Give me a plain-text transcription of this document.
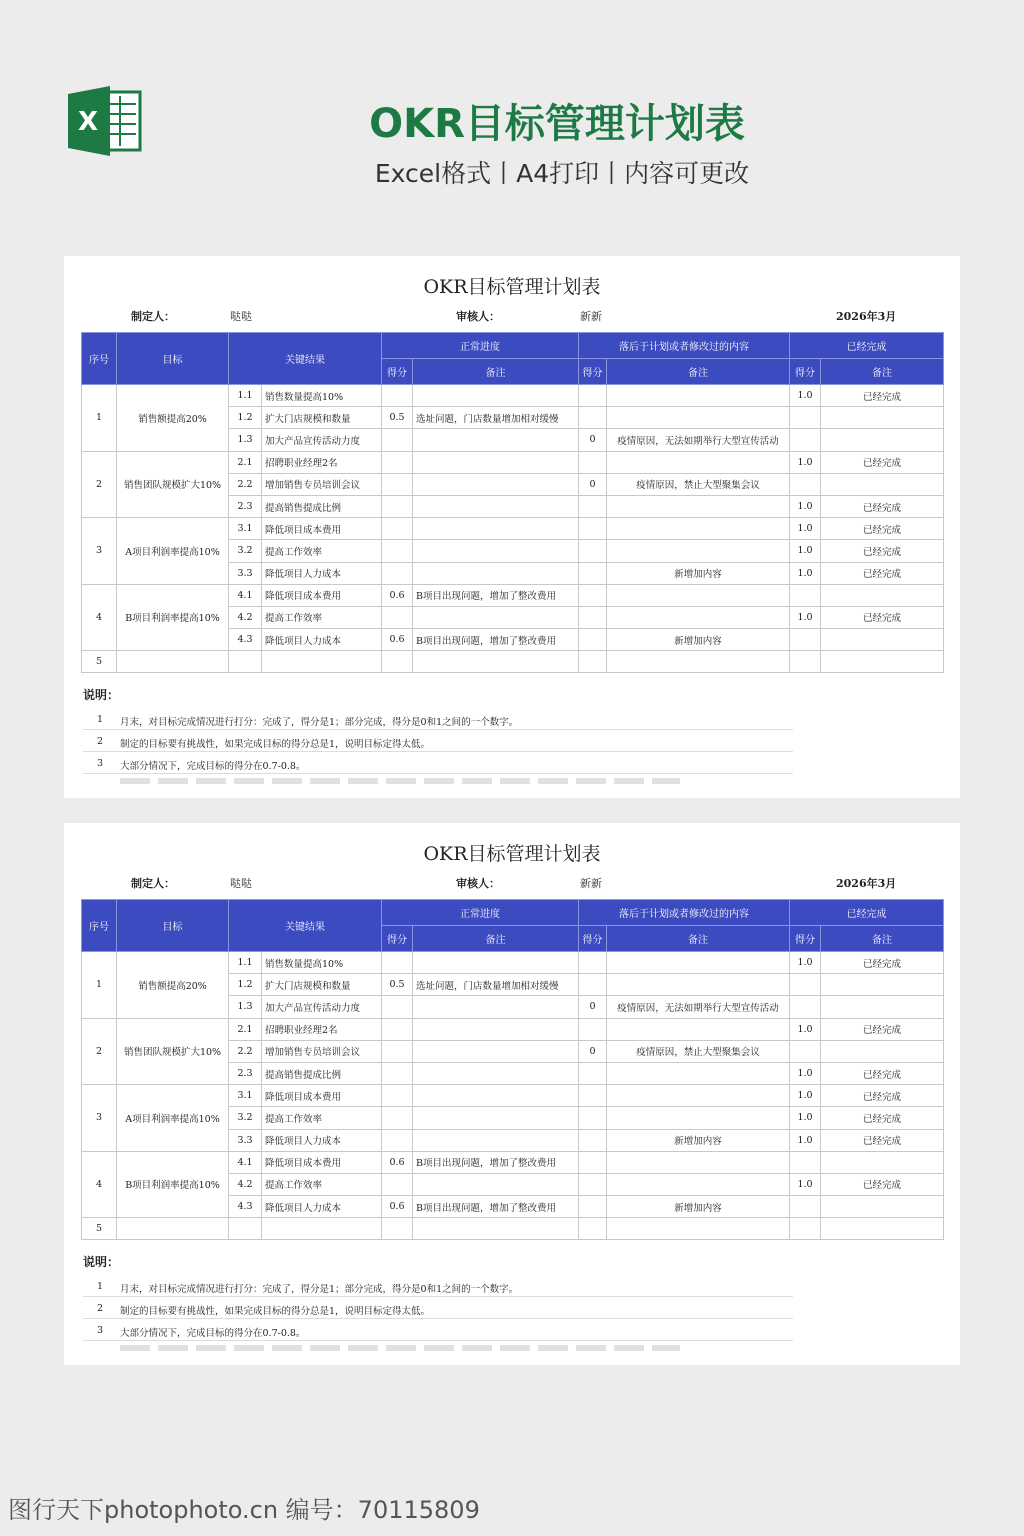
X	OKR目标管理计划表
Excel格式丨A4打印丨内容可更改
OKR目标管理计划表
制定人：	哒哒	审核人：	新新	2026年3月
序号	目标	关键结果		正常进度		落后于计划或者修改过的内容		已经完成	
				得分	备注	得分	备注	得分	备注
1	销售额提高20%	1.1	销售数量提高10%					1.0	已经完成
		1.2	扩大门店规模和数量	0.5	选址问题，门店数量增加相对缓慢				
		1.3	加大产品宣传活动力度			0	疫情原因，无法如期举行大型宣传活动		
2	销售团队规模扩大10%	2.1	招聘职业经理2名					1.0	已经完成
		2.2	增加销售专员培训会议			0	疫情原因，禁止大型聚集会议		
		2.3	提高销售提成比例					1.0	已经完成
3	A项目利润率提高10%	3.1	降低项目成本费用					1.0	已经完成
		3.2	提高工作效率					1.0	已经完成
		3.3	降低项目人力成本				新增加内容	1.0	已经完成
4	B项目利润率提高10%	4.1	降低项目成本费用	0.6	B项目出现问题，增加了整改费用				
		4.2	提高工作效率					1.0	已经完成
		4.3	降低项目人力成本	0.6	B项目出现问题，增加了整改费用		新增加内容		
5									
说明：
1 月末，对目标完成情况进行打分：完成了，得分是1；部分完成，得分是0和1之间的一个数字。
2 制定的目标要有挑战性，如果完成目标的得分总是1，说明目标定得太低。
3 大部分情况下，完成目标的得分在0.7-0.8。
OKR目标管理计划表
制定人：	哒哒	审核人：	新新	2026年3月
序号	目标	关键结果		正常进度		落后于计划或者修改过的内容		已经完成	
				得分	备注	得分	备注	得分	备注
1	销售额提高20%	1.1	销售数量提高10%					1.0	已经完成
		1.2	扩大门店规模和数量	0.5	选址问题，门店数量增加相对缓慢				
		1.3	加大产品宣传活动力度			0	疫情原因，无法如期举行大型宣传活动		
2	销售团队规模扩大10%	2.1	招聘职业经理2名					1.0	已经完成
		2.2	增加销售专员培训会议			0	疫情原因，禁止大型聚集会议		
		2.3	提高销售提成比例					1.0	已经完成
3	A项目利润率提高10%	3.1	降低项目成本费用					1.0	已经完成
		3.2	提高工作效率					1.0	已经完成
		3.3	降低项目人力成本				新增加内容	1.0	已经完成
4	B项目利润率提高10%	4.1	降低项目成本费用	0.6	B项目出现问题，增加了整改费用				
		4.2	提高工作效率					1.0	已经完成
		4.3	降低项目人力成本	0.6	B项目出现问题，增加了整改费用		新增加内容		
5									
说明：
1 月末，对目标完成情况进行打分：完成了，得分是1；部分完成，得分是0和1之间的一个数字。
2 制定的目标要有挑战性，如果完成目标的得分总是1，说明目标定得太低。
3 大部分情况下，完成目标的得分在0.7-0.8。
图行天下photophoto.cn 编号：70115809
